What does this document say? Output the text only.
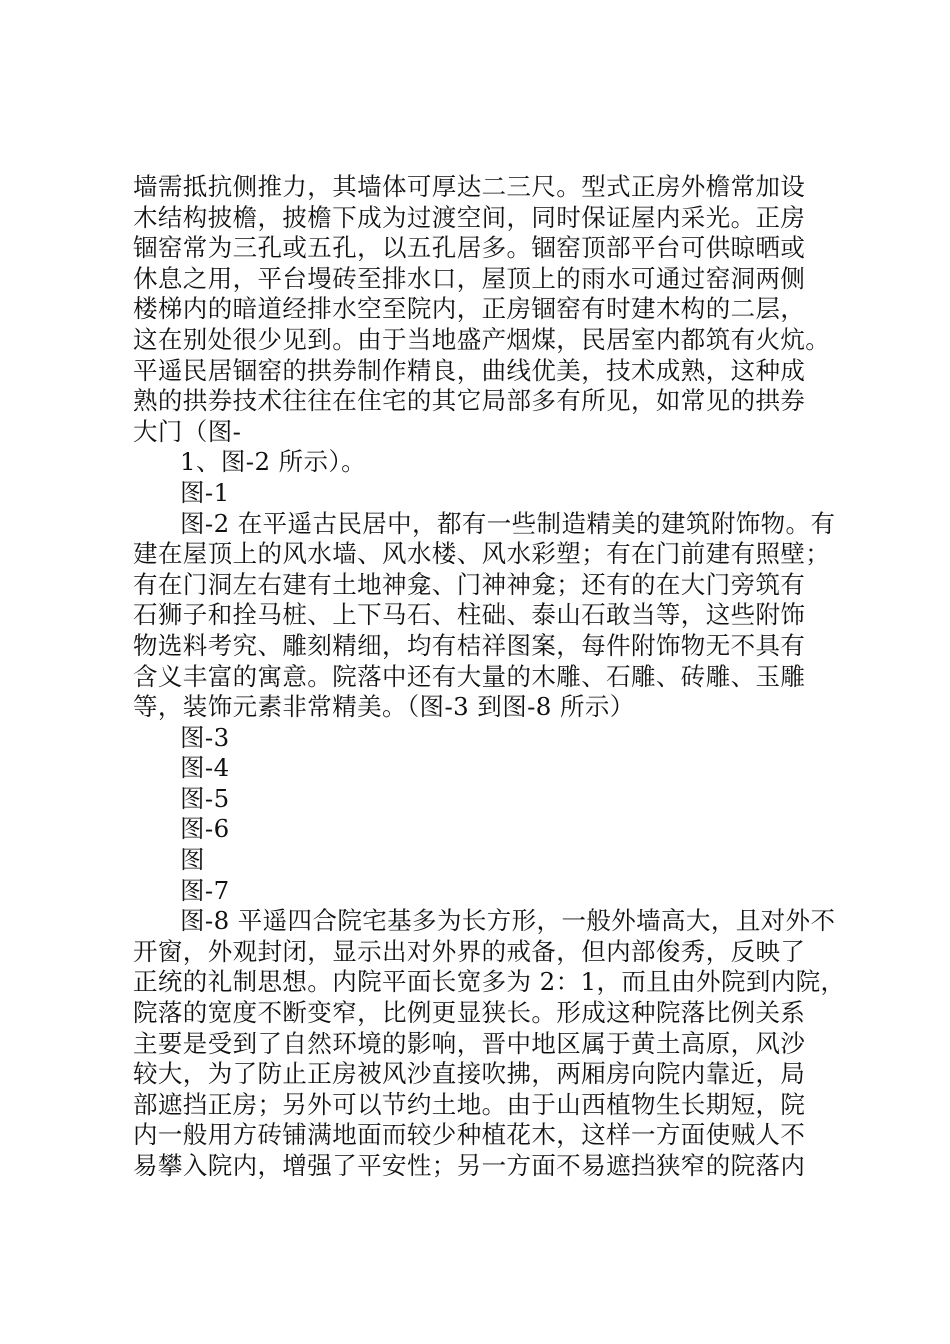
墙需抵抗侧推力，其墙体可厚达二三尺。型式正房外檐常加设
木结构披檐，披檐下成为过渡空间，同时保证屋内采光。正房
锢窑常为三孔或五孔，以五孔居多。锢窑顶部平台可供晾晒或
休息之用，平台墁砖至排水口，屋顶上的雨水可通过窑洞两侧
楼梯内的暗道经排水空至院内，正房锢窑有时建木构的二层，
这在别处很少见到。由于当地盛产烟煤，民居室内都筑有火炕。
平遥民居锢窑的拱券制作精良，曲线优美，技术成熟，这种成
熟的拱券技术往往在住宅的其它局部多有所见，如常见的拱券
大门（图-
1、图-2 所示）。
图-1
图-2 在平遥古民居中，都有一些制造精美的建筑附饰物。有
建在屋顶上的风水墙、风水楼、风水彩塑；有在门前建有照壁；
有在门洞左右建有土地神龛、门神神龛；还有的在大门旁筑有
石狮子和拴马桩、上下马石、柱础、泰山石敢当等，这些附饰
物选料考究、雕刻精细，均有桔祥图案，每件附饰物无不具有
含义丰富的寓意。院落中还有大量的木雕、石雕、砖雕、玉雕
等，装饰元素非常精美。（图-3 到图-8 所示）
图-3
图-4
图-5
图-6
图
图-7
图-8 平遥四合院宅基多为长方形，一般外墙高大，且对外不
开窗，外观封闭，显示出对外界的戒备，但内部俊秀，反映了
正统的礼制思想。内院平面长宽多为 2：1，而且由外院到内院，
院落的宽度不断变窄，比例更显狭长。形成这种院落比例关系
主要是受到了自然环境的影响，晋中地区属于黄土高原，风沙
较大，为了防止正房被风沙直接吹拂，两厢房向院内靠近，局
部遮挡正房；另外可以节约土地。由于山西植物生长期短，院
内一般用方砖铺满地面而较少种植花木，这样一方面使贼人不
易攀入院内，增强了平安性；另一方面不易遮挡狭窄的院落内
